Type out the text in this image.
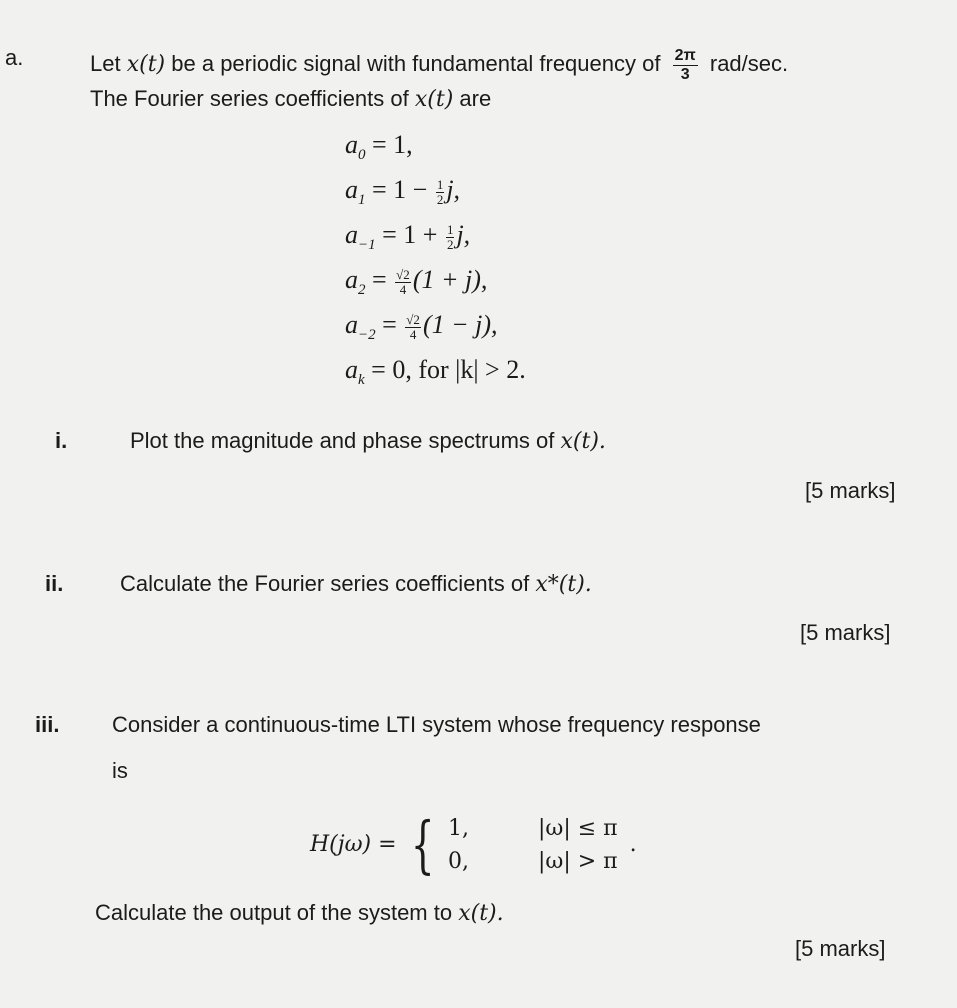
a.	Let x(t) be a periodic signal with fundamental frequency of $\frac{2\pi}{3} rad/\sec$.
The Fourier series coefficients of x(t) are
$a_0 = 1$,
$a_1 = 1 - \frac{1}{2} j$,
$a_{-1} = 1 + \frac{1}{2} j$,
$a_2 = \frac{√2}{4} (1 + j)$,
$a_{-2} = \frac{√2}{4} (1 - j)$,
$a_k = 0$, for |k| > 2.
i.	Plot the magnitude and phase spectrums of x(t).
[5 marks]
ii.	Calculate the Fourier series coefficients of x*(t).
[5 marks]
iii. Consider a continuous-time LTI system whose frequency response
is
H(jω) = { 1,	|ω| ≤ π
0,	|ω| > π
.
Calculate the output of the system to x(t).
[5 marks]
